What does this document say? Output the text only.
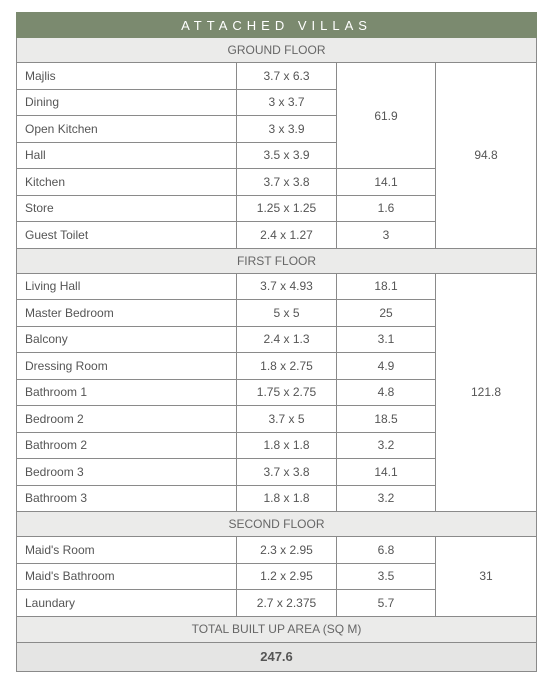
ATTACHED VILLAS			
GROUND FLOOR			
Majlis	3.7 x 6.3	61.9	94.8
Dining	3 x 3.7		
Open Kitchen	3 x 3.9		
Hall	3.5 x 3.9		
Kitchen	3.7 x 3.8	14.1	
Store	1.25 x 1.25	1.6	
Guest Toilet	2.4 x 1.27	3	
FIRST FLOOR			
Living Hall	3.7 x 4.93	18.1	121.8
Master Bedroom	5 x 5	25	
Balcony	2.4 x 1.3	3.1	
Dressing Room	1.8 x 2.75	4.9	
Bathroom 1	1.75 x 2.75	4.8	
Bedroom 2	3.7 x 5	18.5	
Bathroom 2	1.8 x 1.8	3.2	
Bedroom 3	3.7 x 3.8	14.1	
Bathroom 3	1.8 x 1.8	3.2	
SECOND FLOOR			
Maid's Room	2.3 x 2.95	6.8	31
Maid's Bathroom	1.2 x 2.95	3.5	
Laundary	2.7 x 2.375	5.7	
TOTAL BUILT UP AREA (SQ M)			
247.6			
